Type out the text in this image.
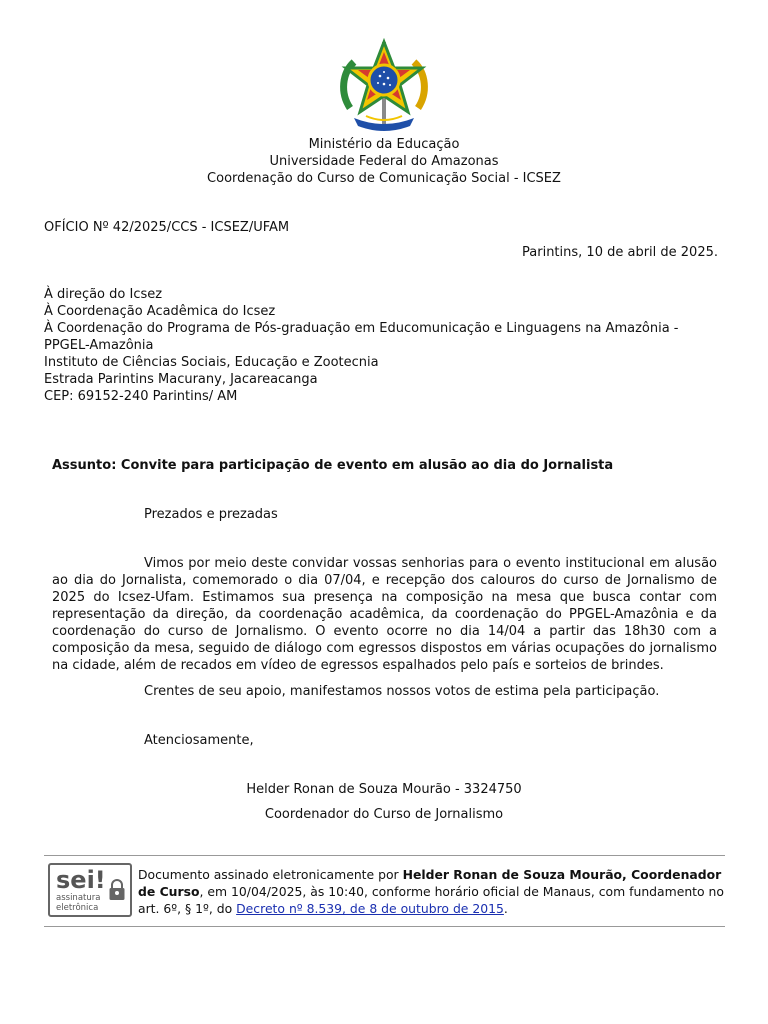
Ministério da Educação
Universidade Federal do Amazonas
Coordenação do Curso de Comunicação Social - ICSEZ
OFÍCIO Nº 42/2025/CCS - ICSEZ/UFAM
Parintins, 10 de abril de 2025.
À direção do Icsez
À Coordenação Acadêmica do Icsez
À Coordenação do Programa de Pós-graduação em Educomunicação e Linguagens na Amazônia - PPGEL-Amazônia
Instituto de Ciências Sociais, Educação e Zootecnia
Estrada Parintins Macurany, Jacareacanga
CEP: 69152-240 Parintins/ AM
Assunto: Convite para participação de evento em alusão ao dia do Jornalista
Prezados e prezadas
Vimos por meio deste convidar vossas senhorias para o evento institucional em alusão ao dia do Jornalista, comemorado o dia 07/04, e recepção dos calouros do curso de Jornalismo de 2025 do Icsez-Ufam. Estimamos sua presença na composição na mesa que busca contar com representação da direção, da coordenação acadêmica, da coordenação do PPGEL-Amazônia e da coordenação do curso de Jornalismo. O evento ocorre no dia 14/04 a partir das 18h30 com a composição da mesa, seguido de diálogo com egressos dispostos em várias ocupações do jornalismo na cidade, além de recados em vídeo de egressos espalhados pelo país e sorteios de brindes.
Crentes de seu apoio, manifestamos nossos votos de estima pela participação.
Atenciosamente,
Helder Ronan de Souza Mourão - 3324750
Coordenador do Curso de Jornalismo
sei!
assinatura
eletrônica
Documento assinado eletronicamente por Helder Ronan de Souza Mourão, Coordenador de Curso, em 10/04/2025, às 10:40, conforme horário oficial de Manaus, com fundamento no art. 6º, § 1º, do Decreto nº 8.539, de 8 de outubro de 2015.
